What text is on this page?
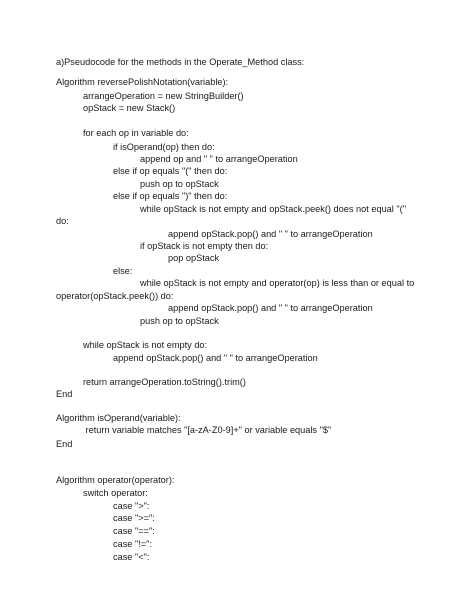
a)Pseudocode for the methods in the Operate_Method class:
Algorithm reversePolishNotation(variable):
arrangeOperation = new StringBuilder()
opStack = new Stack()
for each op in variable do:
if isOperand(op) then do:
append op and " " to arrangeOperation
else if op equals "(" then do:
push op to opStack
else if op equals ")" then do:
while opStack is not empty and opStack.peek() does not equal "("
do:
append opStack.pop() and " " to arrangeOperation
if opStack is not empty then do:
pop opStack
else:
while opStack is not empty and operator(op) is less than or equal to
operator(opStack.peek()) do:
append opStack.pop() and " " to arrangeOperation
push op to opStack
while opStack is not empty do:
append opStack.pop() and " " to arrangeOperation
return arrangeOperation.toString().trim()
End
Algorithm isOperand(variable):
return variable matches "[a-zA-Z0-9]+" or variable equals "$"
End
Algorithm operator(operator):
switch operator:
case ">":
case ">=":
case "==":
case "!=":
case "<":
